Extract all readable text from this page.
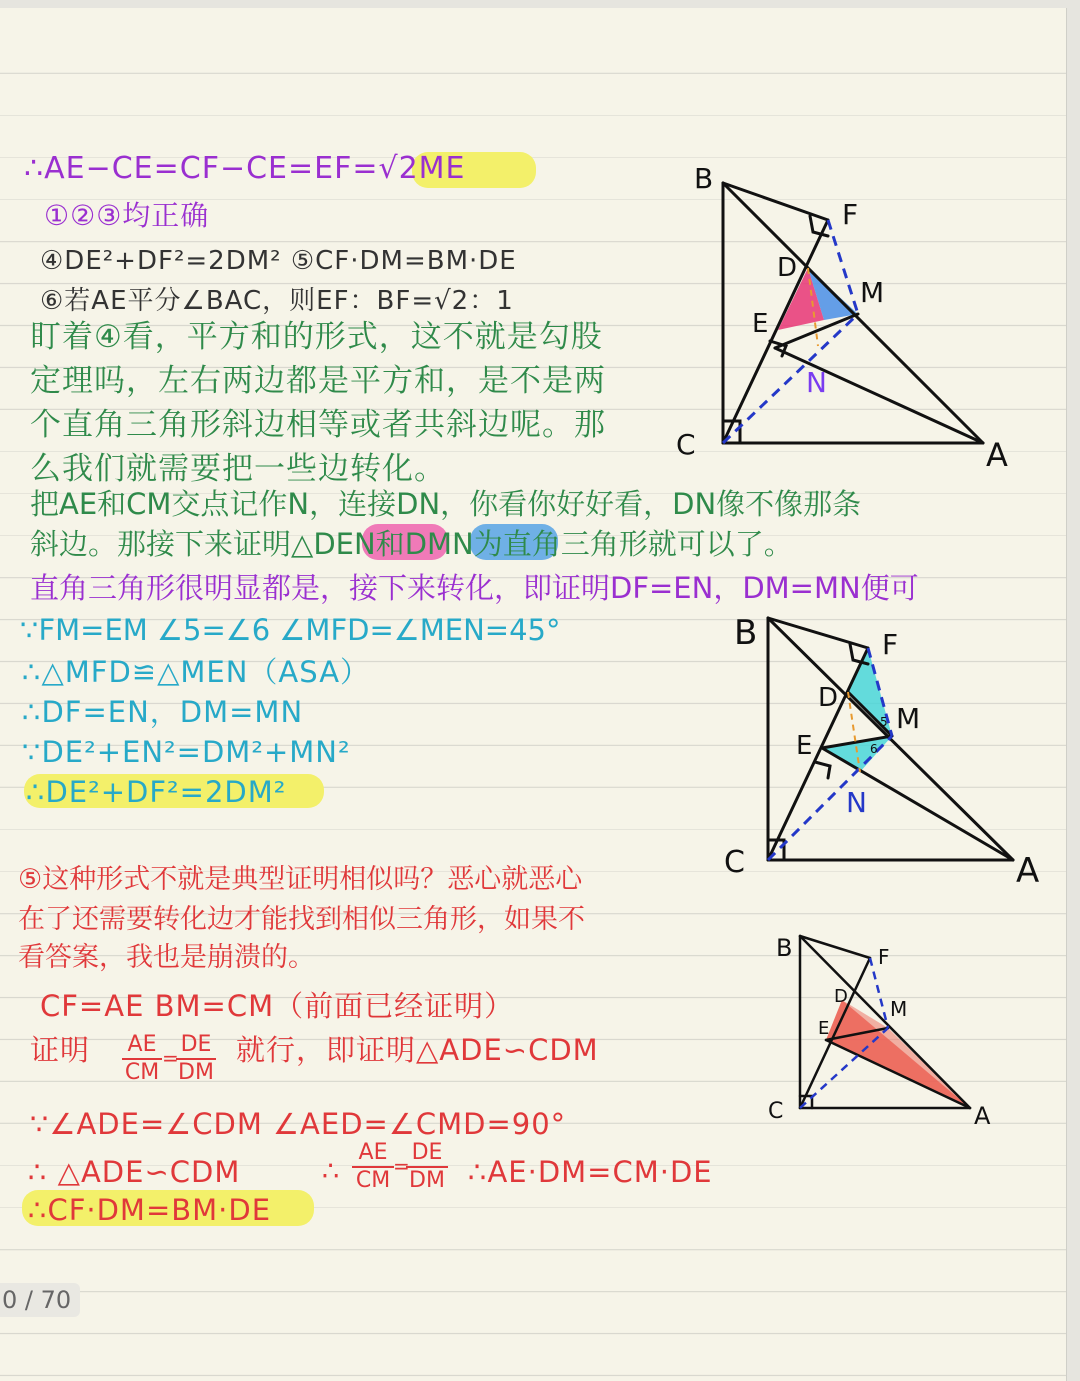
∴AE−CE=CF−CE=EF=√2ME
①②③均正确
④DE²+DF²=2DM² ⑤CF·DM=BM·DE
⑥若AE平分∠BAC，则EF：BF=√2：1
盯着④看，平方和的形式，这不就是勾股
定理吗，左右两边都是平方和，是不是两
个直角三角形斜边相等或者共斜边呢。那
么我们就需要把一些边转化。
把AE和CM交点记作N，连接DN，你看你好好看，DN像不像那条
斜边。那接下来证明△DEN和DMN为直角三角形就可以了。
直角三角形很明显都是，接下来转化，即证明DF=EN，DM=MN便可
∵FM=EM ∠5=∠6 ∠MFD=∠MEN=45°
∴△MFD≌△MEN（ASA）
∴DF=EN，DM=MN
∵DE²+EN²=DM²+MN²
∴DE²+DF²=2DM²
⑤这种形式不就是典型证明相似吗？恶心就恶心
在了还需要转化边才能找到相似三角形，如果不
看答案，我也是崩溃的。
CF=AE BM=CM（前面已经证明）
证明 AE
CM
=
DE
DM
就行，即证明△ADE∽CDM
∵∠ADE=∠CDM ∠AED=∠CMD=90°
∴ △ADE∽CDM	∴
AE
CM
=
DE
DM ∴AE·DM=CM·DE
∴CF·DM=BM·DE
B
F
D
M
E
N
C	A
B	F
D
M
E
N
C	A
5
6
B	F
D
M
E
C	A
0 / 70
